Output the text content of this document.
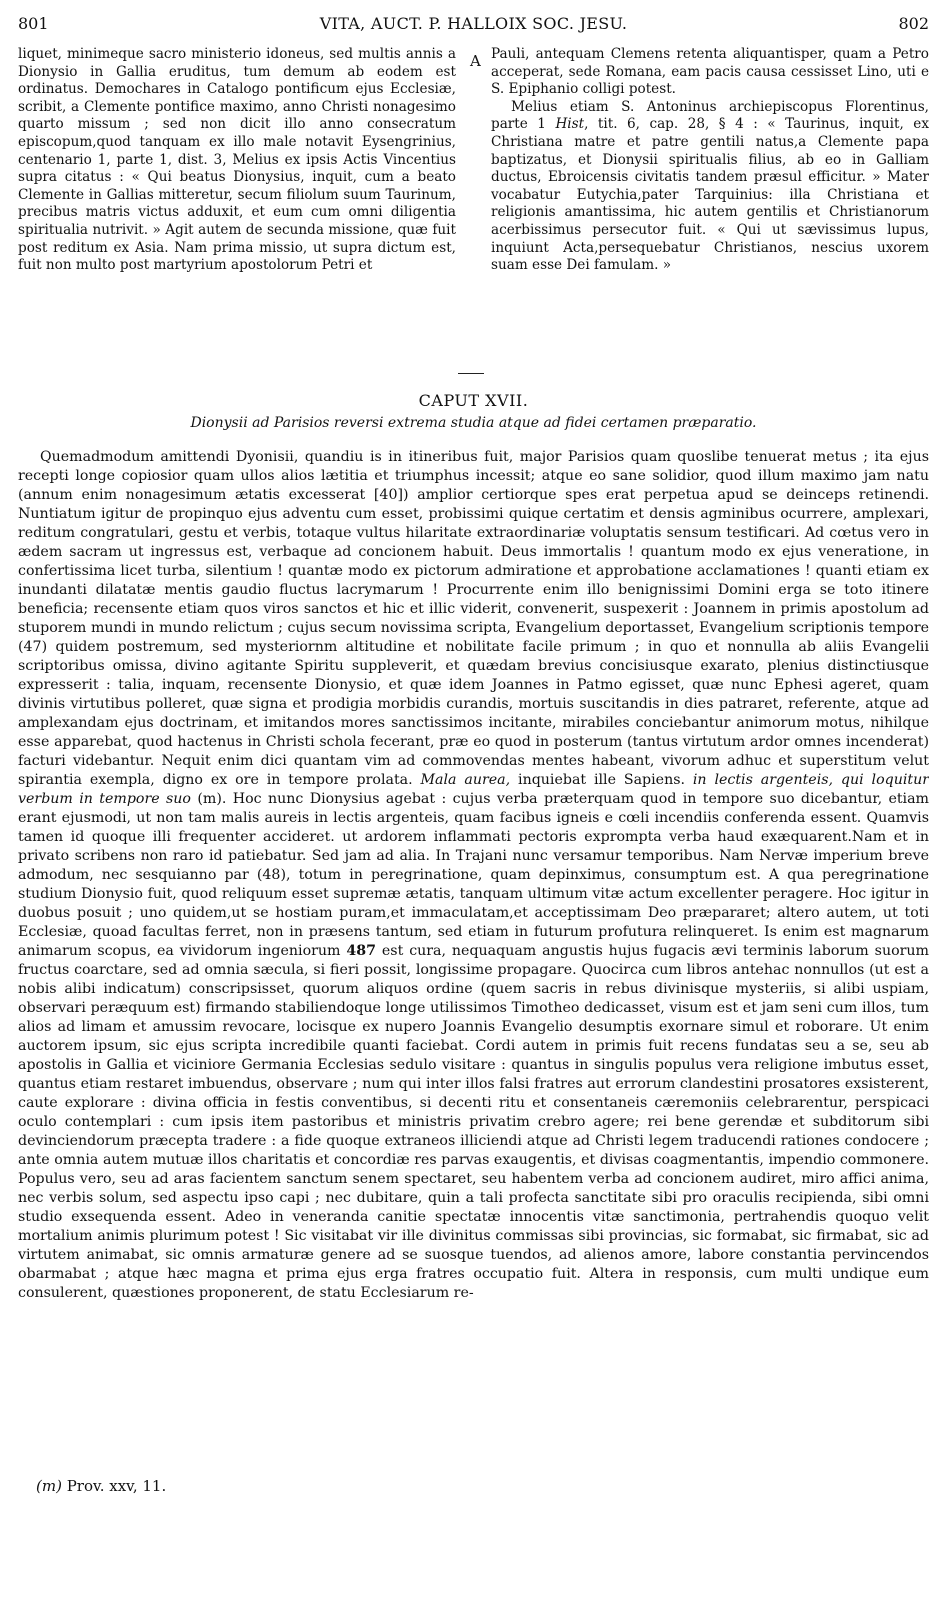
801	VITA, AUCT. P. HALLOIX SOC. JESU.	802

liquet, minimeque sacro ministerio idoneus, sed multis annis a Dionysio in Gallia eruditus, tum demum ab eodem est ordinatus. Demochares in Catalogo pontificum ejus Ecclesiæ, scribit, a Clemente pontifice maximo, anno Christi nonagesimo quarto missum ; sed non dicit illo anno consecratum episcopum,quod tanquam ex illo male notavit Eysengrinius, centenario 1, parte 1, dist. 3, Melius ex ipsis Actis Vincentius supra citatus : « Qui beatus Dionysius, inquit, cum a beato Clemente in Gallias mitteretur, secum filiolum suum Taurinum, precibus matris victus adduxit, et eum cum omni diligentia spiritualia nutrivit. » Agit autem de secunda missione, quæ fuit post reditum ex Asia. Nam prima missio, ut supra dictum est, fuit non multo post martyrium apostolorum Petri et

A Pauli, antequam Clemens retenta aliquantisper, quam a Petro acceperat, sede Romana, eam pacis causa cessisset Lino, uti e S. Epiphanio colligi potest.

Melius etiam S. Antoninus archiepiscopus Florentinus, parte 1 Hist, tit. 6, cap. 28, § 4 : « Taurinus, inquit, ex Christiana matre et patre gentili natus,a Clemente papa baptizatus, et Dionysii spiritualis filius, ab eo in Galliam ductus, Ebroicensis civitatis tandem præsul efficitur. » Mater vocabatur Eutychia,pater Tarquinius: illa Christiana et religionis amantissima, hic autem gentilis et Christianorum acerbissimus persecutor fuit. « Qui ut sævissimus lupus, inquiunt Acta,persequebatur Christianos, nescius uxorem suam esse Dei famulam. »

CAPUT XVII.
Dionysii ad Parisios reversi extrema studia atque ad fidei certamen præparatio.

Quemadmodum amittendi Dyonisii, quandiu is in itineribus fuit, major Parisios quam quoslibe tenuerat metus ; ita ejus recepti longe copiosior quam ullos alios lætitia et triumphus incessit; atque eo sane solidior, quod illum maximo jam natu (annum enim nonagesimum ætatis excesserat [40]) amplior certiorque spes erat perpetua apud se deinceps retinendi. Nuntiatum igitur de propinquo ejus adventu cum esset, probissimi quique certatim et densis agminibus ocurrere, amplexari, reditum congratulari, gestu et verbis, totaque vultus hilaritate extraordinariæ voluptatis sensum testificari. Ad cœtus vero in ædem sacram ut ingressus est, verbaque ad concionem habuit. Deus immortalis ! quantum modo ex ejus veneratione, in confertissima licet turba, silentium ! quantæ modo ex pictorum admiratione et approbatione acclamationes ! quanti etiam ex inundanti dilatatæ mentis gaudio fluctus lacrymarum ! Procurrente enim illo benignissimi Domini erga se toto itinere beneficia; recensente etiam quos viros sanctos et hic et illic viderit, convenerit, suspexerit : Joannem in primis apostolum ad stuporem mundi in mundo relictum ; cujus secum novissima scripta, Evangelium deportasset, Evangelium scriptionis tempore (47) quidem postremum, sed mysteriornm altitudine et nobilitate facile primum ; in quo et nonnulla ab aliis Evangelii scriptoribus omissa, divino agitante Spiritu suppleverit, et quædam brevius concisiusque exarato, plenius distinctiusque expresserit : talia, inquam, recensente Dionysio, et quæ idem Joannes in Patmo egisset, quæ nunc Ephesi ageret, quam divinis virtutibus polleret, quæ signa et prodigia morbidis curandis, mortuis suscitandis in dies patraret, referente, atque ad amplexandam ejus doctrinam, et imitandos mores sanctissimos incitante, mirabiles conciebantur animorum motus, nihilque esse apparebat, quod hactenus in Christi schola fecerant, præ eo quod in posterum (tantus virtutum ardor omnes incenderat) facturi videbantur. Nequit enim dici quantam vim ad commovendas mentes habeant, vivorum adhuc et superstitum velut spirantia exempla, digno ex ore in tempore prolata. Mala aurea, inquiebat ille Sapiens. in lectis argenteis, qui loquitur verbum in tempore suo (m). Hoc nunc Dionysius agebat : cujus verba præterquam quod in tempore suo dicebantur, etiam erant ejusmodi, ut non tam malis aureis in lectis argenteis, quam facibus igneis e cœli incendiis conferenda essent. Quamvis tamen id quoque illi frequenter accideret. ut ardorem inflammati pectoris exprompta verba haud exæquarent.Nam et in privato scribens non raro id patiebatur. Sed jam ad alia. In Trajani nunc versamur temporibus. Nam Nervæ imperium breve admodum, nec sesquianno par (48), totum in peregrinatione, quam depinximus, consumptum est. A qua peregrinatione studium Dionysio fuit, quod reliquum esset supremæ ætatis, tanquam ultimum vitæ actum excellenter peragere. Hoc igitur in duobus posuit ; uno quidem,ut se hostiam puram,et immaculatam,et acceptissimam Deo præpararet; altero autem, ut toti Ecclesiæ, quoad facultas ferret, non in præsens tantum, sed etiam in futurum profutura relinqueret. Is enim est magnarum animarum scopus, ea vividorum ingeniorum 487 est cura, nequaquam angustis hujus fugacis ævi terminis laborum suorum fructus coarctare, sed ad omnia sæcula, si fieri possit, longissime propagare. Quocirca cum libros antehac nonnullos (ut est a nobis alibi indicatum) conscripsisset, quorum aliquos ordine (quem sacris in rebus divinisque mysteriis, si alibi uspiam, observari peræquum est) firmando stabiliendoque longe utilissimos Timotheo dedicasset, visum est et jam seni cum illos, tum alios ad limam et amussim revocare, locisque ex nupero Joannis Evangelio desumptis exornare simul et roborare. Ut enim auctorem ipsum, sic ejus scripta incredibile quanti faciebat. Cordi autem in primis fuit recens fundatas seu a se, seu ab apostolis in Gallia et viciniore Germania Ecclesias sedulo visitare : quantus in singulis populus vera religione imbutus esset, quantus etiam restaret imbuendus, observare ; num qui inter illos falsi fratres aut errorum clandestini prosatores exsisterent, caute explorare : divina officia in festis conventibus, si decenti ritu et consentaneis cæremoniis celebrarentur, perspicaci oculo contemplari : cum ipsis item pastoribus et ministris privatim crebro agere; rei bene gerendæ et subditorum sibi devinciendorum præcepta tradere : a fide quoque extraneos illiciendi atque ad Christi legem traducendi rationes condocere ; ante omnia autem mutuæ illos charitatis et concordiæ res parvas exaugentis, et divisas coagmentantis, impendio commonere. Populus vero, seu ad aras facientem sanctum senem spectaret, seu habentem verba ad concionem audiret, miro affici anima, nec verbis solum, sed aspectu ipso capi ; nec dubitare, quin a tali profecta sanctitate sibi pro oraculis recipienda, sibi omni studio exsequenda essent. Adeo in veneranda canitie spectatæ innocentis vitæ sanctimonia, pertrahendis quoquo velit mortalium animis plurimum potest ! Sic visitabat vir ille divinitus commissas sibi provincias, sic formabat, sic firmabat, sic ad virtutem animabat, sic omnis armaturæ genere ad se suosque tuendos, ad alienos amore, labore constantia pervincendos obarmabat ; atque hæc magna et prima ejus erga fratres occupatio fuit. Altera in responsis, cum multi undique eum consulerent, quæstiones proponerent, de statu Ecclesiarum re-

(m) Prov. xxv, 11.
